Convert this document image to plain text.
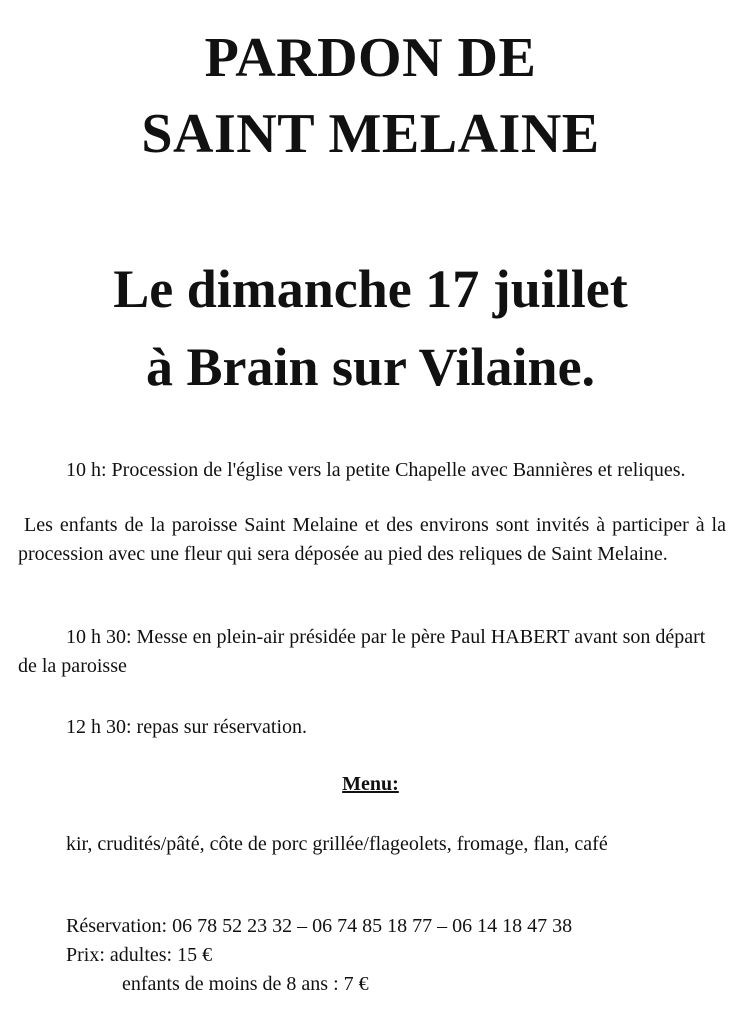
PARDON DE
SAINT MELAINE
Le dimanche 17 juillet
à Brain sur Vilaine.

10 h: Procession de l'église vers la petite Chapelle avec Bannières et reliques.

Les enfants de la paroisse Saint Melaine et des environs sont invités à participer à la procession avec une fleur qui sera déposée au pied des reliques de Saint Melaine.

10 h 30: Messe en plein-air présidée par le père Paul HABERT avant son départ de la paroisse

12 h 30: repas sur réservation.

Menu:

kir, crudités/pâté, côte de porc grillée/flageolets, fromage, flan, café

Réservation: 06 78 52 23 32 – 06 74 85 18 77 – 06 14 18 47 38

Prix: adultes: 15 €

enfants de moins de 8 ans : 7 €
